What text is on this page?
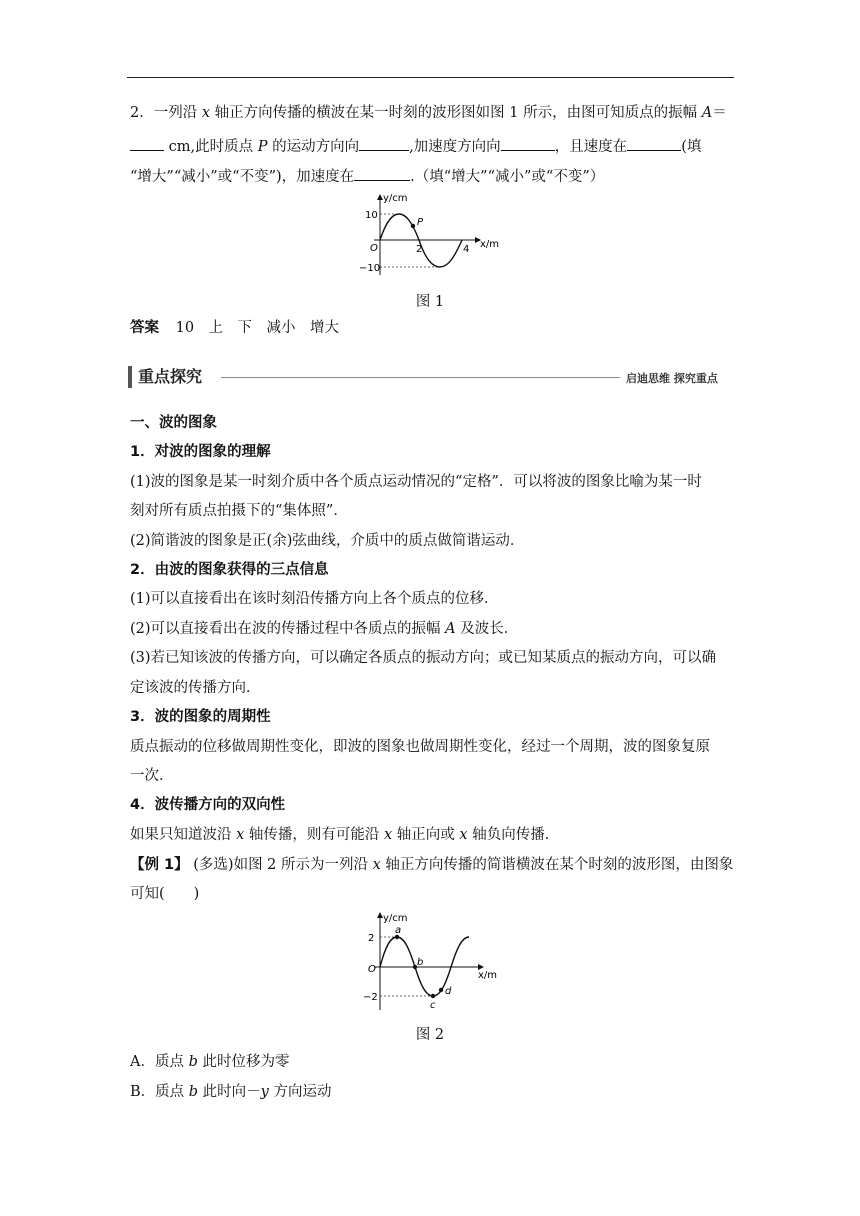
2．一列沿 x 轴正方向传播的横波在某一时刻的波形图如图 1 所示，由图可知质点的振幅 A＝
cm,此时质点 P 的运动方向向	,加速度方向向	，且速度在	(填
“增大”“减小”或“不变”)，加速度在	.（填“增大”“减小”或“不变”）
y/cm
x/m
O
10
−10
2	4
P
图 1
答案 10　上　下　减小　增大
重点探究	启迪思维 探究重点
一、波的图象
1．对波的图象的理解
(1)波的图象是某一时刻介质中各个质点运动情况的“定格”．可以将波的图象比喻为某一时
刻对所有质点拍摄下的“集体照”．
(2)简谐波的图象是正(余)弦曲线，介质中的质点做简谐运动．
2．由波的图象获得的三点信息
(1)可以直接看出在该时刻沿传播方向上各个质点的位移．
(2)可以直接看出在波的传播过程中各质点的振幅 A 及波长．
(3)若已知该波的传播方向，可以确定各质点的振动方向；或已知某质点的振动方向，可以确
定该波的传播方向．
3．波的图象的周期性
质点振动的位移做周期性变化，即波的图象也做周期性变化，经过一个周期，波的图象复原
一次．
4．波传播方向的双向性
如果只知道波沿 x 轴传播，则有可能沿 x 轴正向或 x 轴负向传播．
【例 1】 (多选)如图 2 所示为一列沿 x 轴正方向传播的简谐横波在某个时刻的波形图，由图象
可知(　　)
y/cm
x/m
O
2
−2
a
b
c
d
图 2
A．质点 b 此时位移为零
B．质点 b 此时向－y 方向运动
